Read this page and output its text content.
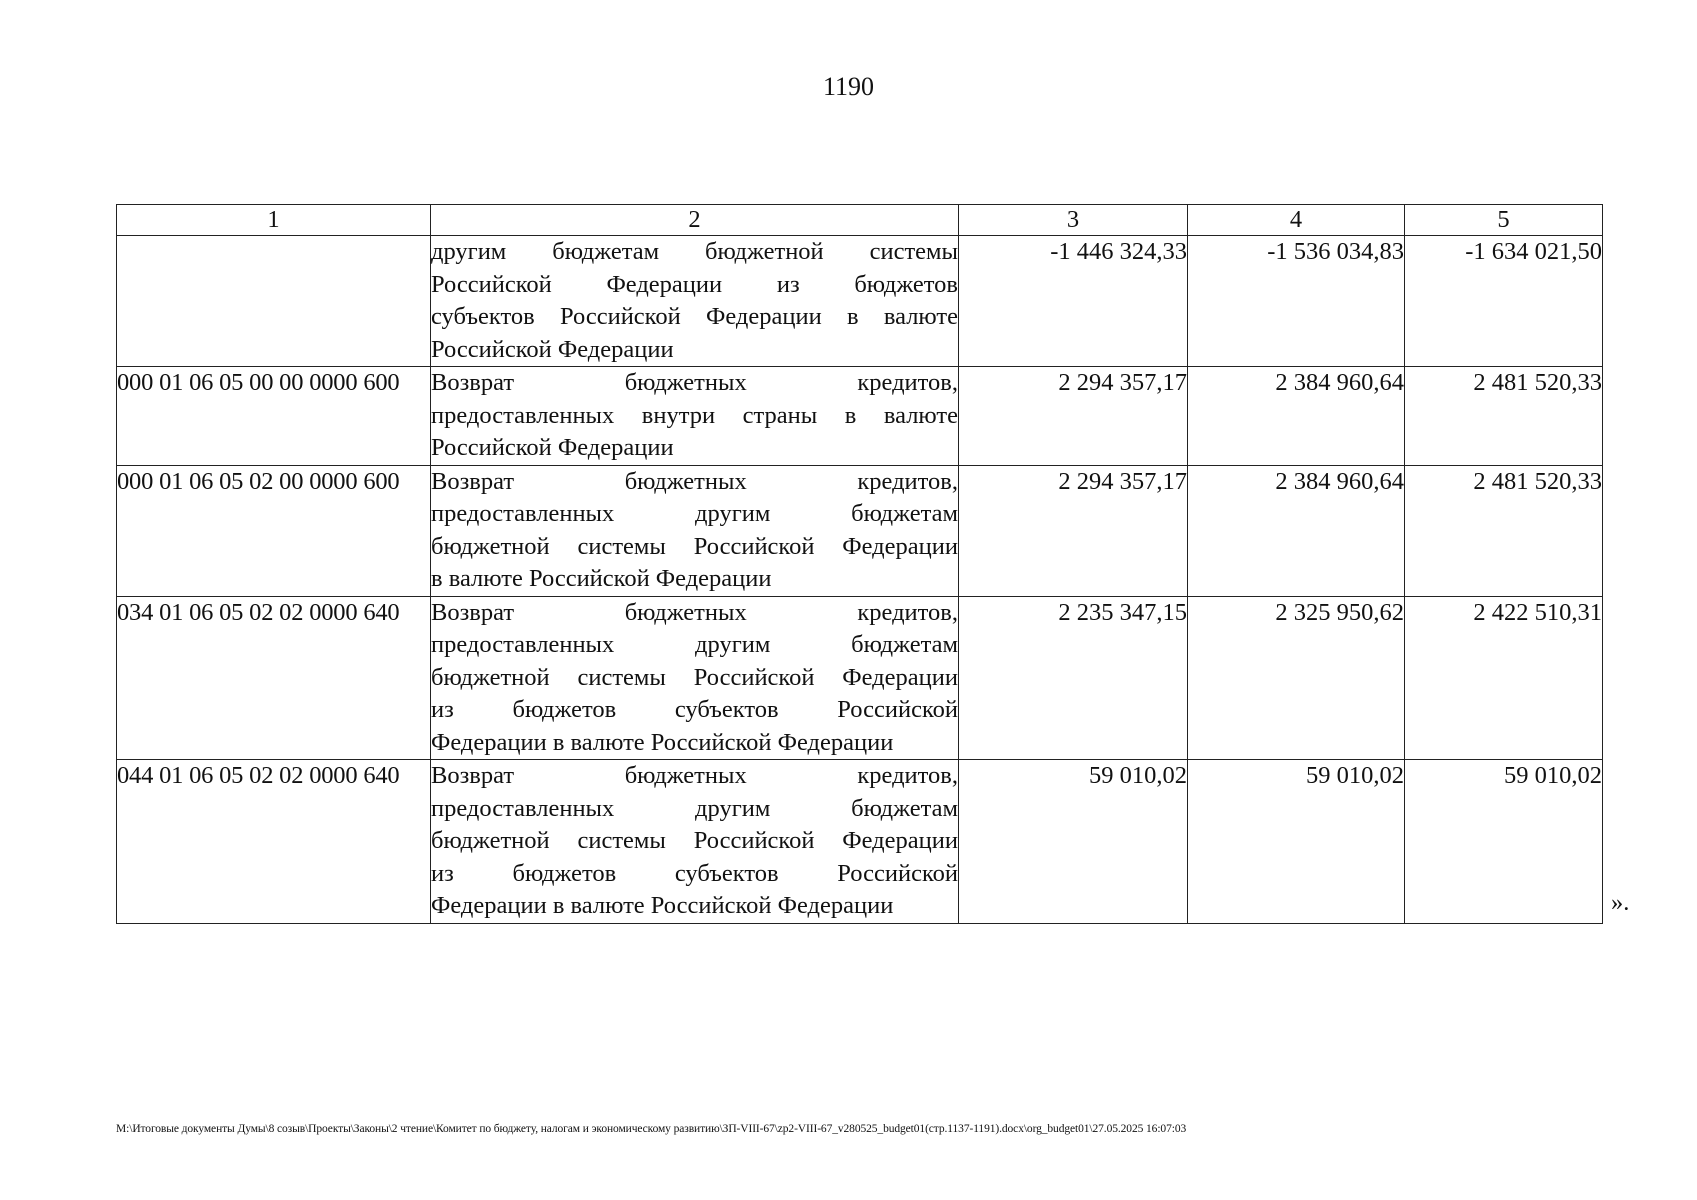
1190
1	2	3	4	5

	другим бюджетам бюджетной системы
Российской Федерации из бюджетов
субъектов Российской Федерации в валюте
Российской Федерации	-1 446 324,33	-1 536 034,83	-1 634 021,50
000 01 06 05 00 00 0000 600	Возврат бюджетных кредитов,
предоставленных внутри страны в валюте
Российской Федерации	2 294 357,17	2 384 960,64	2 481 520,33
000 01 06 05 02 00 0000 600	Возврат бюджетных кредитов,
предоставленных другим бюджетам
бюджетной системы Российской Федерации
в валюте Российской Федерации	2 294 357,17	2 384 960,64	2 481 520,33
034 01 06 05 02 02 0000 640	Возврат бюджетных кредитов,
предоставленных другим бюджетам
бюджетной системы Российской Федерации
из бюджетов субъектов Российской
Федерации в валюте Российской Федерации	2 235 347,15	2 325 950,62	2 422 510,31
044 01 06 05 02 02 0000 640	Возврат бюджетных кредитов,
предоставленных другим бюджетам
бюджетной системы Российской Федерации
из бюджетов субъектов Российской
Федерации в валюте Российской Федерации	59 010,02	59 010,02	59 010,02
».
M:\Итоговые документы Думы\8 созыв\Проекты\Законы\2 чтение\Комитет по бюджету, налогам и экономическому развитию\ЗП-VIII-67\zp2-VIII-67_v280525_budget01(стр.1137-1191).docx\org_budget01\27.05.2025 16:07:03
